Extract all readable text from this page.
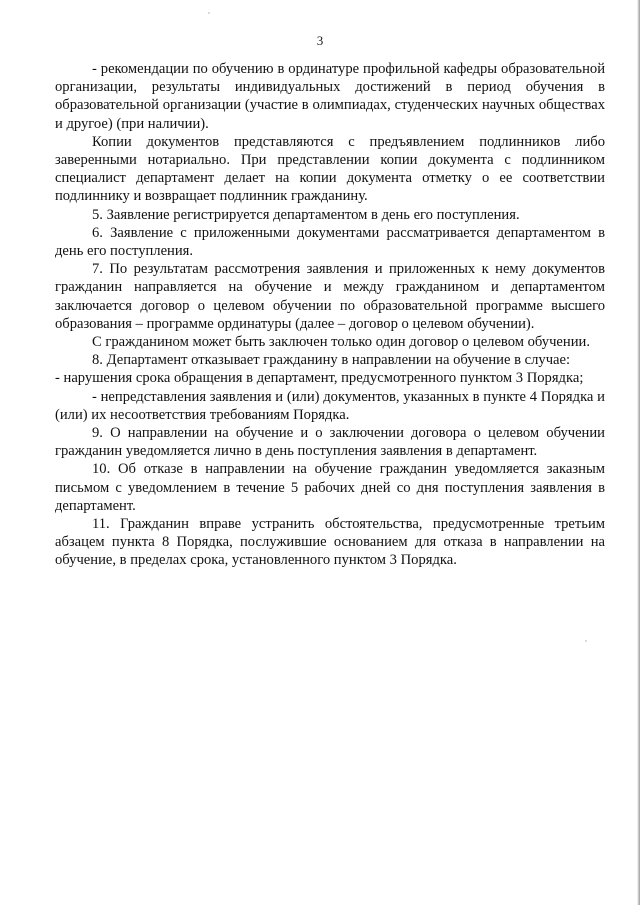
3

- рекомендации по обучению в ординатуре профильной кафедры образовательной организации, результаты индивидуальных достижений в период обучения в образовательной организации (участие в олимпиадах, студенческих научных обществах и другое) (при наличии).

Копии документов представляются с предъявлением подлинников либо заверенными нотариально. При представлении копии документа с подлинником специалист департамент делает на копии документа отметку о ее соответствии подлиннику и возвращает подлинник гражданину.

5. Заявление регистрируется департаментом в день его поступления.

6. Заявление с приложенными документами рассматривается департаментом в день его поступления.

7. По результатам рассмотрения заявления и приложенных к нему документов гражданин направляется на обучение и между гражданином и департаментом заключается договор о целевом обучении по образовательной программе высшего образования – программе ординатуры (далее – договор о целевом обучении).

С гражданином может быть заключен только один договор о целевом обучении.

8. Департамент отказывает гражданину в направлении на обучение в случае:

- нарушения срока обращения в департамент, предусмотренного пунктом 3 Порядка;

- непредставления заявления и (или) документов, указанных в пункте 4 Порядка и (или) их несоответствия требованиям Порядка.

9. О направлении на обучение и о заключении договора о целевом обучении гражданин уведомляется лично в день поступления заявления в департамент.

10. Об отказе в направлении на обучение гражданин уведомляется заказным письмом с уведомлением в течение 5 рабочих дней со дня поступления заявления в департамент.

11. Гражданин вправе устранить обстоятельства, предусмотренные третьим абзацем пункта 8 Порядка, послужившие основанием для отказа в направлении на обучение, в пределах срока, установленного пунктом 3 Порядка.
